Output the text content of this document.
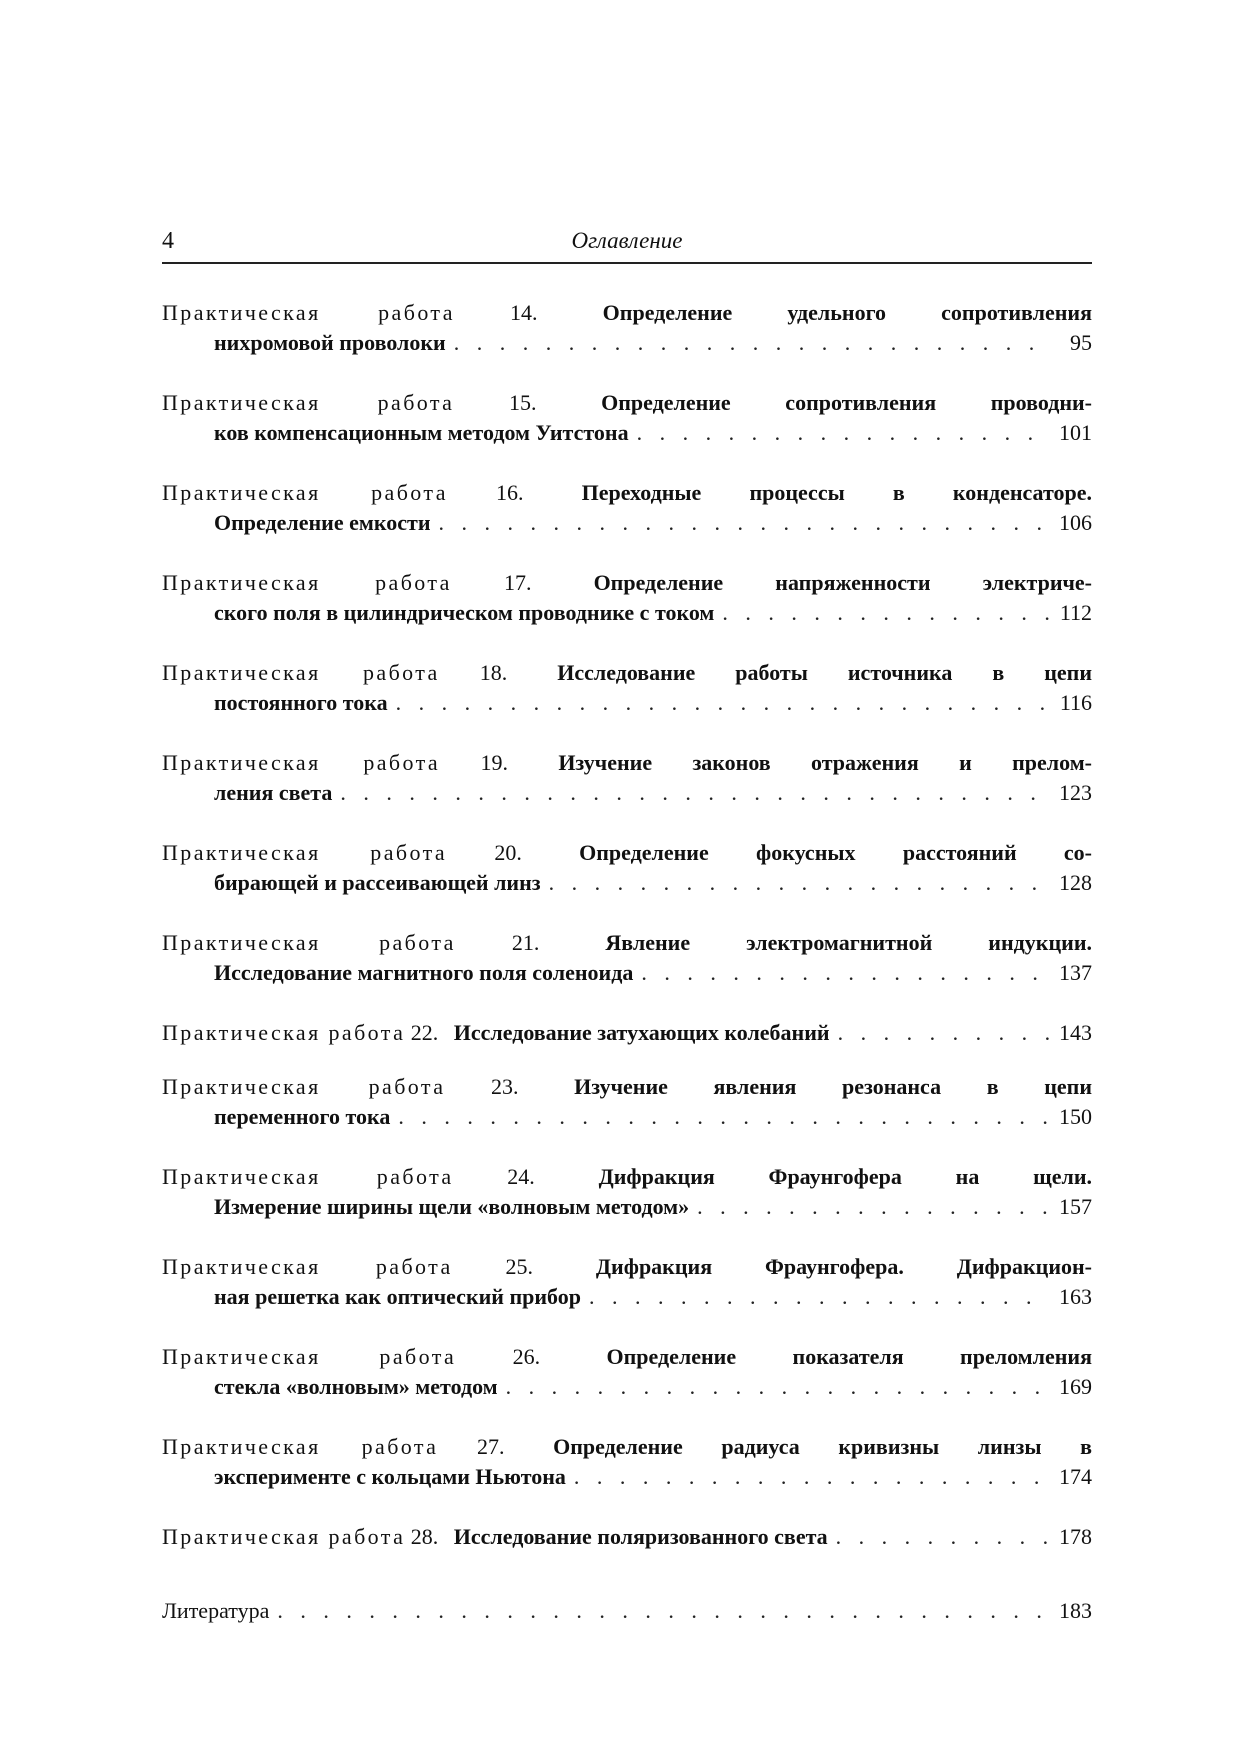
4	Оглавление
Практическая работа	14.	Определение удельного сопротивления
нихромовой проволоки . . .	95
Практическая работа 15.	Определение сопротивления проводни-
ков компенсационным методом Уитстона . . .	101
Практическая работа 16.	Переходные процессы в конденсаторе.
Определение емкости . . .	106
Практическая работа 17.	Определение напряженности электриче-
ского поля в цилиндрическом проводнике с током . . .	112
Практическая работа 18. Исследование работы источника в цепи
постоянного тока . . .	116
Практическая работа 19. Изучение законов отражения и прелом-
ления света . . .	123
Практическая работа 20.	Определение фокусных расстояний со-
бирающей и рассеивающей линз . . .	128
Практическая работа	21.	Явление электромагнитной индукции.
Исследование магнитного поля соленоида . . .	137
Практическая работа 22. Исследование затухающих колебаний . . .	143
Практическая работа 23.	Изучение явления резонанса в цепи
переменного тока . . .	150
Практическая работа 24.	Дифракция Фраунгофера на щели.
Измерение ширины щели «волновым методом» . . .	157
Практическая работа 25.	Дифракция Фраунгофера. Дифракцион-
ная решетка как оптический прибор . . .	163
Практическая работа	26.	Определение показателя преломления
стекла «волновым» методом . . .	169
Практическая работа 27. Определение радиуса кривизны линзы в
эксперименте с кольцами Ньютона . . .	174
Практическая работа 28. Исследование поляризованного света . . .	178
Литература . . .	183
